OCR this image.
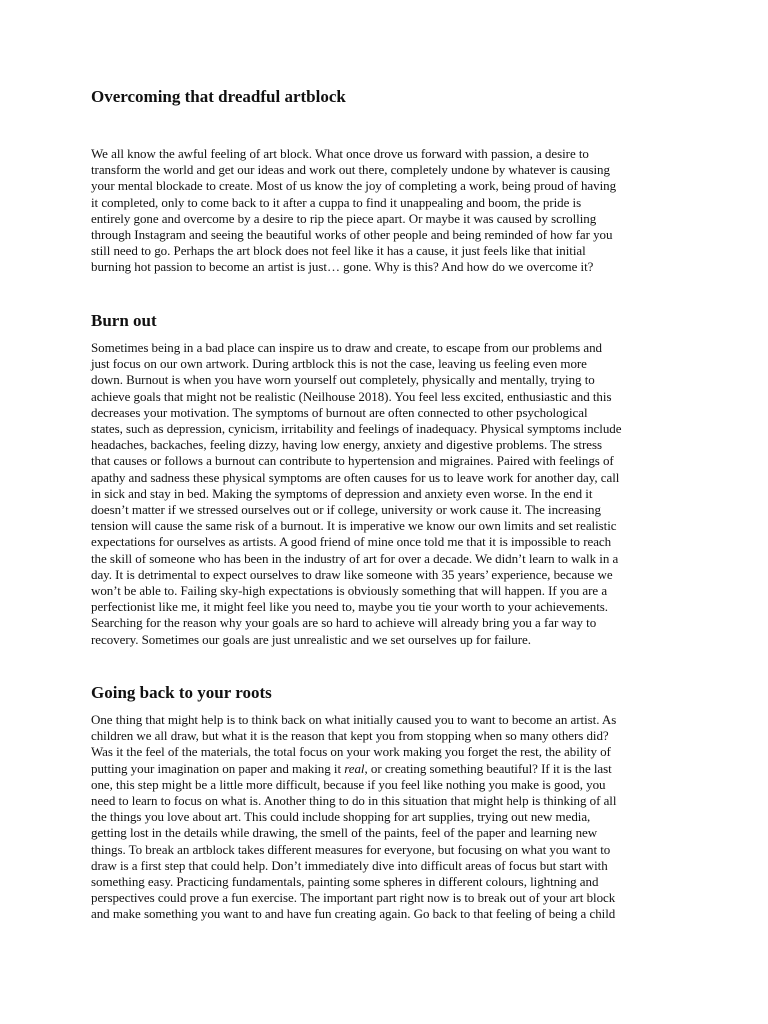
Overcoming that dreadful artblock

We all know the awful feeling of art block. What once drove us forward with passion, a desire to
transform the world and get our ideas and work out there, completely undone by whatever is causing
your mental blockade to create. Most of us know the joy of completing a work, being proud of having
it completed, only to come back to it after a cuppa to find it unappealing and boom, the pride is
entirely gone and overcome by a desire to rip the piece apart. Or maybe it was caused by scrolling
through Instagram and seeing the beautiful works of other people and being reminded of how far you
still need to go. Perhaps the art block does not feel like it has a cause, it just feels like that initial
burning hot passion to become an artist is just… gone. Why is this? And how do we overcome it?

Burn out

Sometimes being in a bad place can inspire us to draw and create, to escape from our problems and
just focus on our own artwork. During artblock this is not the case, leaving us feeling even more
down. Burnout is when you have worn yourself out completely, physically and mentally, trying to
achieve goals that might not be realistic (Neilhouse 2018). You feel less excited, enthusiastic and this
decreases your motivation. The symptoms of burnout are often connected to other psychological
states, such as depression, cynicism, irritability and feelings of inadequacy. Physical symptoms include
headaches, backaches, feeling dizzy, having low energy, anxiety and digestive problems. The stress
that causes or follows a burnout can contribute to hypertension and migraines. Paired with feelings of
apathy and sadness these physical symptoms are often causes for us to leave work for another day, call
in sick and stay in bed. Making the symptoms of depression and anxiety even worse. In the end it
doesn’t matter if we stressed ourselves out or if college, university or work cause it. The increasing
tension will cause the same risk of a burnout. It is imperative we know our own limits and set realistic
expectations for ourselves as artists. A good friend of mine once told me that it is impossible to reach
the skill of someone who has been in the industry of art for over a decade. We didn’t learn to walk in a
day. It is detrimental to expect ourselves to draw like someone with 35 years’ experience, because we
won’t be able to. Failing sky-high expectations is obviously something that will happen. If you are a
perfectionist like me, it might feel like you need to, maybe you tie your worth to your achievements.
Searching for the reason why your goals are so hard to achieve will already bring you a far way to
recovery. Sometimes our goals are just unrealistic and we set ourselves up for failure.

Going back to your roots

One thing that might help is to think back on what initially caused you to want to become an artist. As
children we all draw, but what it is the reason that kept you from stopping when so many others did?
Was it the feel of the materials, the total focus on your work making you forget the rest, the ability of
putting your imagination on paper and making it real, or creating something beautiful? If it is the last
one, this step might be a little more difficult, because if you feel like nothing you make is good, you
need to learn to focus on what is. Another thing to do in this situation that might help is thinking of all
the things you love about art. This could include shopping for art supplies, trying out new media,
getting lost in the details while drawing, the smell of the paints, feel of the paper and learning new
things. To break an artblock takes different measures for everyone, but focusing on what you want to
draw is a first step that could help. Don’t immediately dive into difficult areas of focus but start with
something easy. Practicing fundamentals, painting some spheres in different colours, lightning and
perspectives could prove a fun exercise. The important part right now is to break out of your art block
and make something you want to and have fun creating again. Go back to that feeling of being a child
